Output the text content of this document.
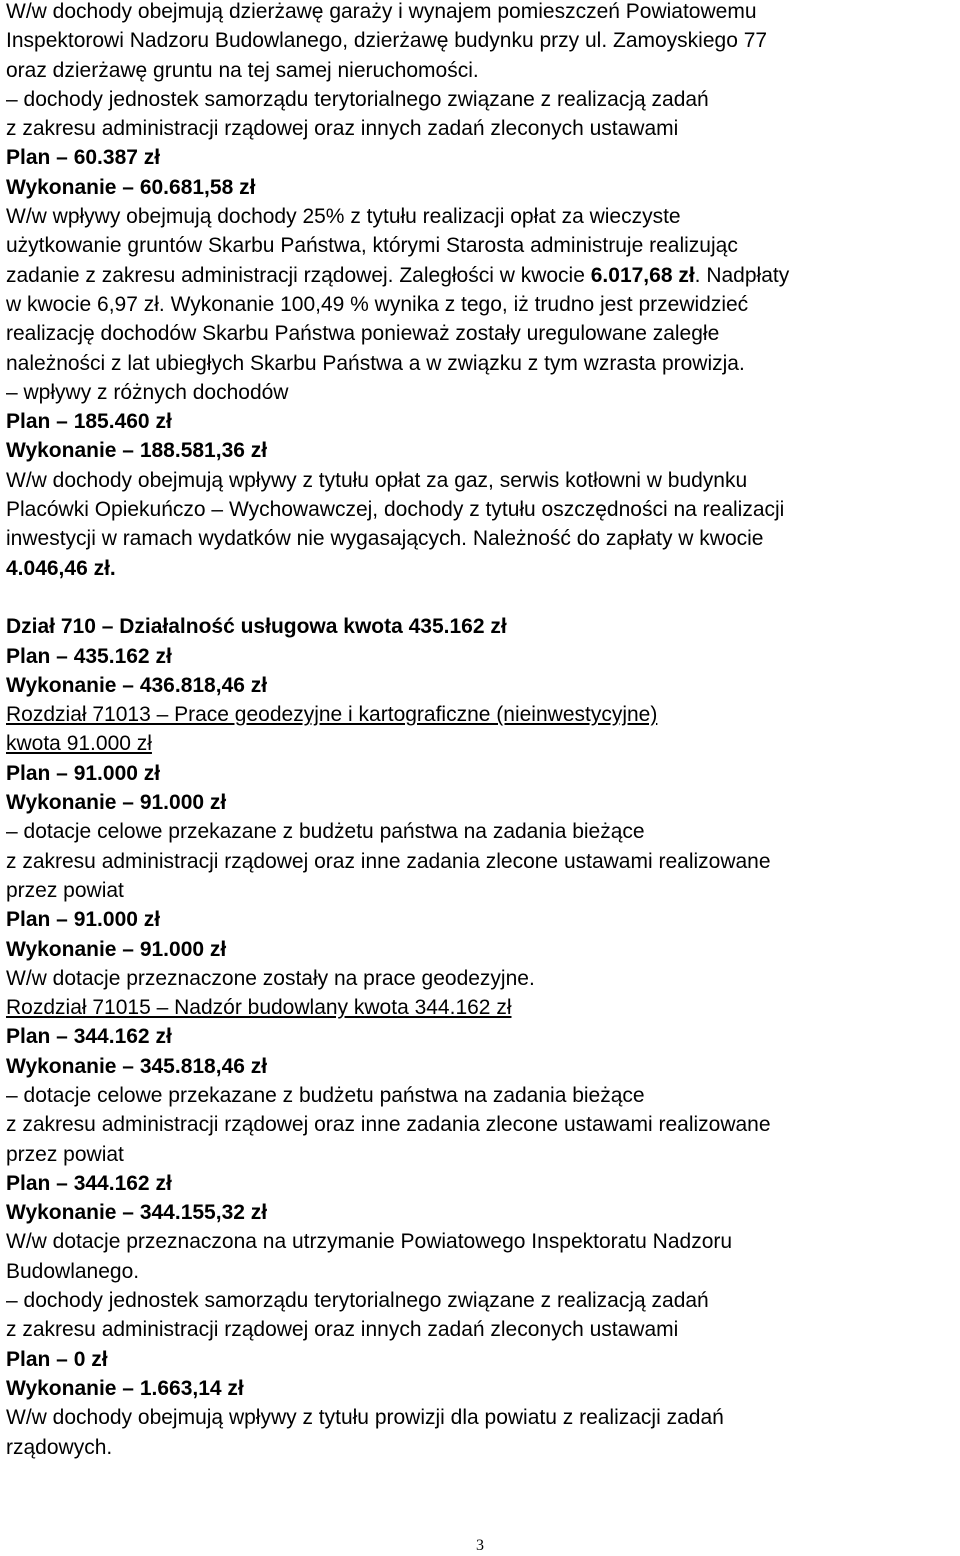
W/w dochody obejmują dzierżawę garaży i wynajem pomieszczeń Powiatowemu
Inspektorowi Nadzoru Budowlanego, dzierżawę budynku przy ul. Zamoyskiego 77
oraz dzierżawę gruntu na tej samej nieruchomości.
– dochody jednostek samorządu terytorialnego związane z realizacją zadań
z zakresu administracji rządowej oraz innych zadań zleconych ustawami
Plan – 60.387 zł
Wykonanie – 60.681,58 zł
W/w wpływy obejmują dochody 25% z tytułu realizacji opłat za wieczyste
użytkowanie gruntów Skarbu Państwa, którymi Starosta administruje realizując
zadanie z zakresu administracji rządowej. Zaległości w kwocie 6.017,68 zł. Nadpłaty
w kwocie 6,97 zł. Wykonanie 100,49 % wynika z tego, iż trudno jest przewidzieć
realizację dochodów Skarbu Państwa ponieważ zostały uregulowane zaległe
należności z lat ubiegłych Skarbu Państwa a w związku z tym wzrasta prowizja.
– wpływy z różnych dochodów
Plan – 185.460 zł
Wykonanie – 188.581,36 zł
W/w dochody obejmują wpływy z tytułu opłat za gaz, serwis kotłowni w budynku
Placówki Opiekuńczo – Wychowawczej, dochody z tytułu oszczędności na realizacji
inwestycji w ramach wydatków nie wygasających. Należność do zapłaty w kwocie
4.046,46 zł.
Dział 710 – Działalność usługowa kwota 435.162 zł
Plan – 435.162 zł
Wykonanie – 436.818,46 zł
Rozdział 71013 – Prace geodezyjne i kartograficzne (nieinwestycyjne)
kwota 91.000 zł
Plan – 91.000 zł
Wykonanie – 91.000 zł
– dotacje celowe przekazane z budżetu państwa na zadania bieżące
z zakresu administracji rządowej oraz inne zadania zlecone ustawami realizowane
przez powiat
Plan – 91.000 zł
Wykonanie – 91.000 zł
W/w dotacje przeznaczone zostały na prace geodezyjne.
Rozdział 71015 – Nadzór budowlany kwota 344.162 zł
Plan – 344.162 zł
Wykonanie – 345.818,46 zł
– dotacje celowe przekazane z budżetu państwa na zadania bieżące
z zakresu administracji rządowej oraz inne zadania zlecone ustawami realizowane
przez powiat
Plan – 344.162 zł
Wykonanie – 344.155,32 zł
W/w dotacje przeznaczona na utrzymanie Powiatowego Inspektoratu Nadzoru
Budowlanego.
– dochody jednostek samorządu terytorialnego związane z realizacją zadań
z zakresu administracji rządowej oraz innych zadań zleconych ustawami
Plan – 0 zł
Wykonanie – 1.663,14 zł
W/w dochody obejmują wpływy z tytułu prowizji dla powiatu z realizacji zadań
rządowych.
3
